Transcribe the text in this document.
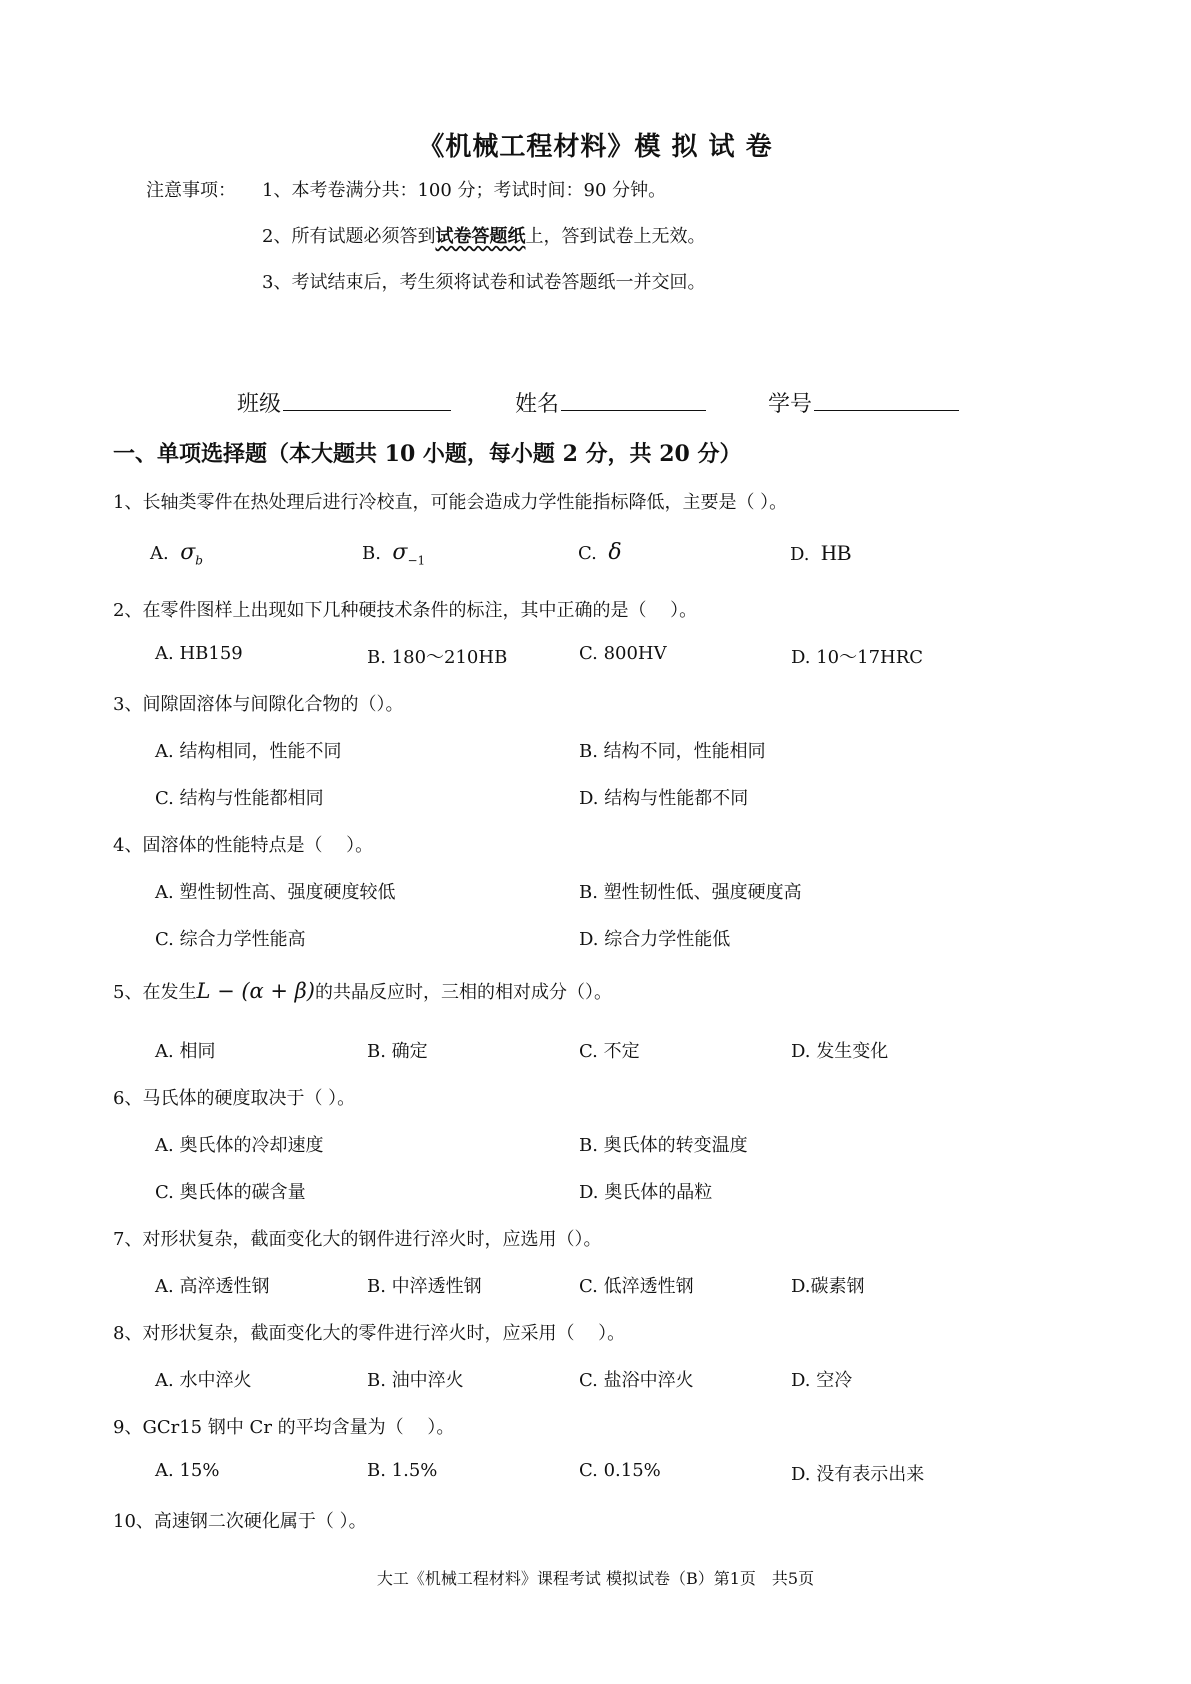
《机械工程材料》模 拟 试 卷
注意事项： 1、本考卷满分共：100 分；考试时间：90 分钟。
2、所有试题必须答到试卷答题纸上，答到试卷上无效。
3、考试结束后，考生须将试卷和试卷答题纸一并交回。
班级	姓名	学号
一、单项选择题（本大题共 10 小题，每小题 2 分，共 20 分）
1、长轴类零件在热处理后进行冷校直，可能会造成力学性能指标降低，主要是（ ）。
A. $\sigma_b$	B. $\sigma_{-1}$	C. δ	D. HB
2、在零件图样上出现如下几种硬技术条件的标注，其中正确的是（　 ）。
A. HB159	B. 180～210HB	C. 800HV	D. 10～17HRC
3、间隙固溶体与间隙化合物的（）。
A. 结构相同，性能不同	B. 结构不同，性能相同
C. 结构与性能都相同	D. 结构与性能都不同
4、固溶体的性能特点是（　 ）。
A. 塑性韧性高、强度硬度较低	B. 塑性韧性低、强度硬度高
C. 综合力学性能高	D. 综合力学性能低
5、在发生L − (α + β)的共晶反应时，三相的相对成分（）。
A. 相同	B. 确定	C. 不定	D. 发生变化
6、马氏体的硬度取决于（ ）。
A. 奥氏体的冷却速度	B. 奥氏体的转变温度
C. 奥氏体的碳含量	D. 奥氏体的晶粒
7、对形状复杂，截面变化大的钢件进行淬火时，应选用（）。
A. 高淬透性钢	B. 中淬透性钢	C. 低淬透性钢	D.碳素钢
8、对形状复杂，截面变化大的零件进行淬火时，应采用（　 ）。
A. 水中淬火	B. 油中淬火	C. 盐浴中淬火	D. 空冷
9、GCr15 钢中 Cr 的平均含量为（　 ）。
A. 15%	B. 1.5%	C. 0.15%	D. 没有表示出来
10、高速钢二次硬化属于（ ）。
大工《机械工程材料》课程考试 模拟试卷（B）第1页　共5页
